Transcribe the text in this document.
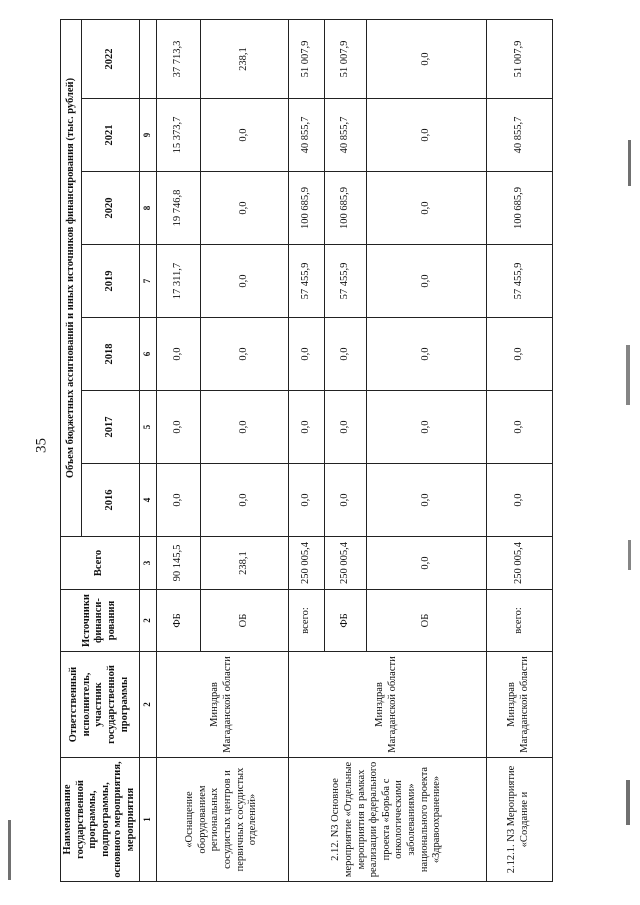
35
Наименование государственной программы, подпрограммы, основного мероприятия, мероприятия	Ответственный исполнитель, участник государственной программы	Источники финанси-рования	Всего	Объем бюджетных ассигнований и иных источников финансирования (тыс. рублей)						
				2016	2017	2018	2019	2020	2021	2022
1	2	2	3	4	5	6	7	8	9	
«Оснащение оборудованием региональных сосудистых центров и первичных сосудистых отделений»	Минздрав Магаданской области	ФБ	90 145,5	0,0	0,0	0,0	17 311,7	19 746,8	15 373,7	37 713,3
		ОБ	238,1	0,0	0,0	0,0	0,0	0,0	0,0	238,1
2.12. N3 Основное мероприятие «Отдельные мероприятия в рамках реализации федерального проекта «Борьба с онкологическими заболеваниями» национального проекта «Здравоохранение»	Минздрав Магаданской области	всего:	250 005,4	0,0	0,0	0,0	57 455,9	100 685,9	40 855,7	51 007,9
		ФБ	250 005,4	0,0	0,0	0,0	57 455,9	100 685,9	40 855,7	51 007,9
		ОБ	0,0	0,0	0,0	0,0	0,0	0,0	0,0	0,0
2.12.1. N3 Мероприятие «Создание и	Минздрав Магаданской области	всего:	250 005,4	0,0	0,0	0,0	57 455,9	100 685,9	40 855,7	51 007,9
